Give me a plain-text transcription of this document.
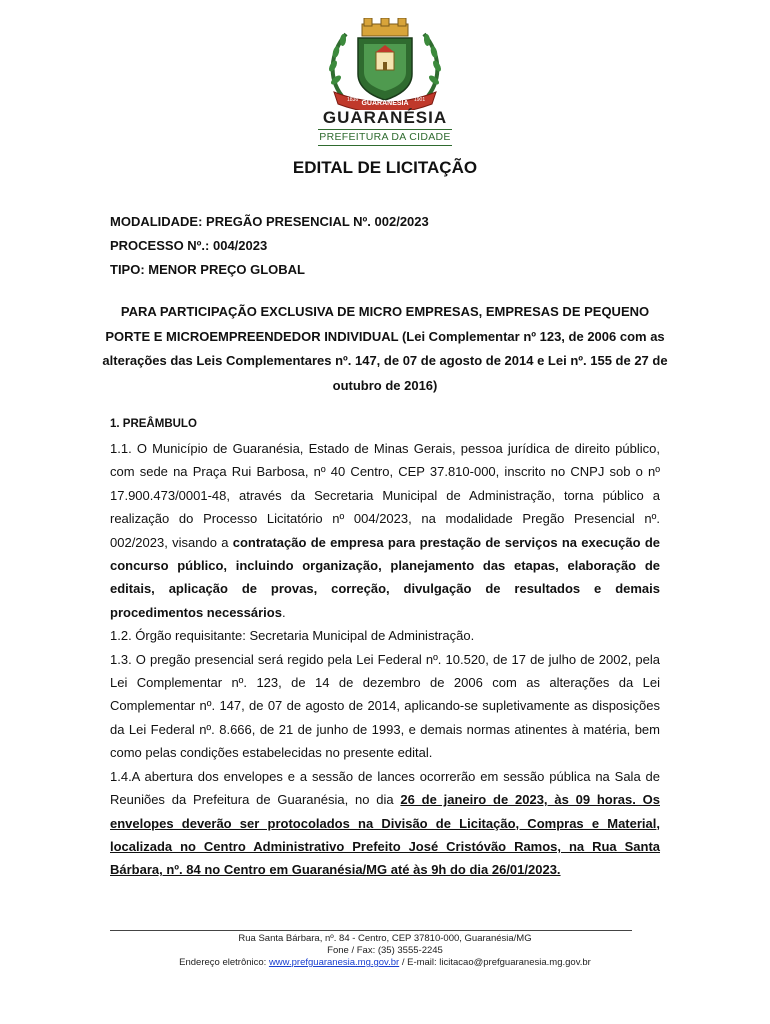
GUARANÉSIA
1836	1901
GUARANÉSIA
PREFEITURA DA CIDADE
EDITAL DE LICITAÇÃO
MODALIDADE: PREGÃO PRESENCIAL Nº. 002/2023
PROCESSO Nº.: 004/2023
TIPO: MENOR PREÇO GLOBAL
PARA PARTICIPAÇÃO EXCLUSIVA DE MICRO EMPRESAS, EMPRESAS DE PEQUENO PORTE E MICROEMPREENDEDOR INDIVIDUAL (Lei Complementar nº 123, de 2006 com as alterações das Leis Complementares nº. 147, de 07 de agosto de 2014 e Lei nº. 155 de 27 de outubro de 2016)
1. PREÂMBULO

1.1. O Município de Guaranésia, Estado de Minas Gerais, pessoa jurídica de direito público, com sede na Praça Rui Barbosa, nº 40 Centro, CEP 37.810-000, inscrito no CNPJ sob o nº 17.900.473/0001-48, através da Secretaria Municipal de Administração, torna público a realização do Processo Licitatório nº 004/2023, na modalidade Pregão Presencial nº. 002/2023, visando a contratação de empresa para prestação de serviços na execução de concurso público, incluindo organização, planejamento das etapas, elaboração de editais, aplicação de provas, correção, divulgação de resultados e demais procedimentos necessários.

1.2. Órgão requisitante: Secretaria Municipal de Administração.

1.3. O pregão presencial será regido pela Lei Federal nº. 10.520, de 17 de julho de 2002, pela Lei Complementar nº. 123, de 14 de dezembro de 2006 com as alterações da Lei Complementar nº. 147, de 07 de agosto de 2014, aplicando-se supletivamente as disposições da Lei Federal nº. 8.666, de 21 de junho de 1993, e demais normas atinentes à matéria, bem como pelas condições estabelecidas no presente edital.

1.4.A abertura dos envelopes e a sessão de lances ocorrerão em sessão pública na Sala de Reuniões da Prefeitura de Guaranésia, no dia 26 de janeiro de 2023, às 09 horas. Os envelopes deverão ser protocolados na Divisão de Licitação, Compras e Material, localizada no Centro Administrativo Prefeito José Cristóvão Ramos, na Rua Santa Bárbara, nº. 84 no Centro em Guaranésia/MG até às 9h do dia 26/01/2023.

Rua Santa Bárbara, nº. 84 - Centro, CEP 37810-000, Guaranésia/MG
Fone / Fax: (35) 3555-2245
Endereço eletrônico: www.prefguaranesia.mg.gov.br / E-mail: licitacao@prefguaranesia.mg.gov.br
